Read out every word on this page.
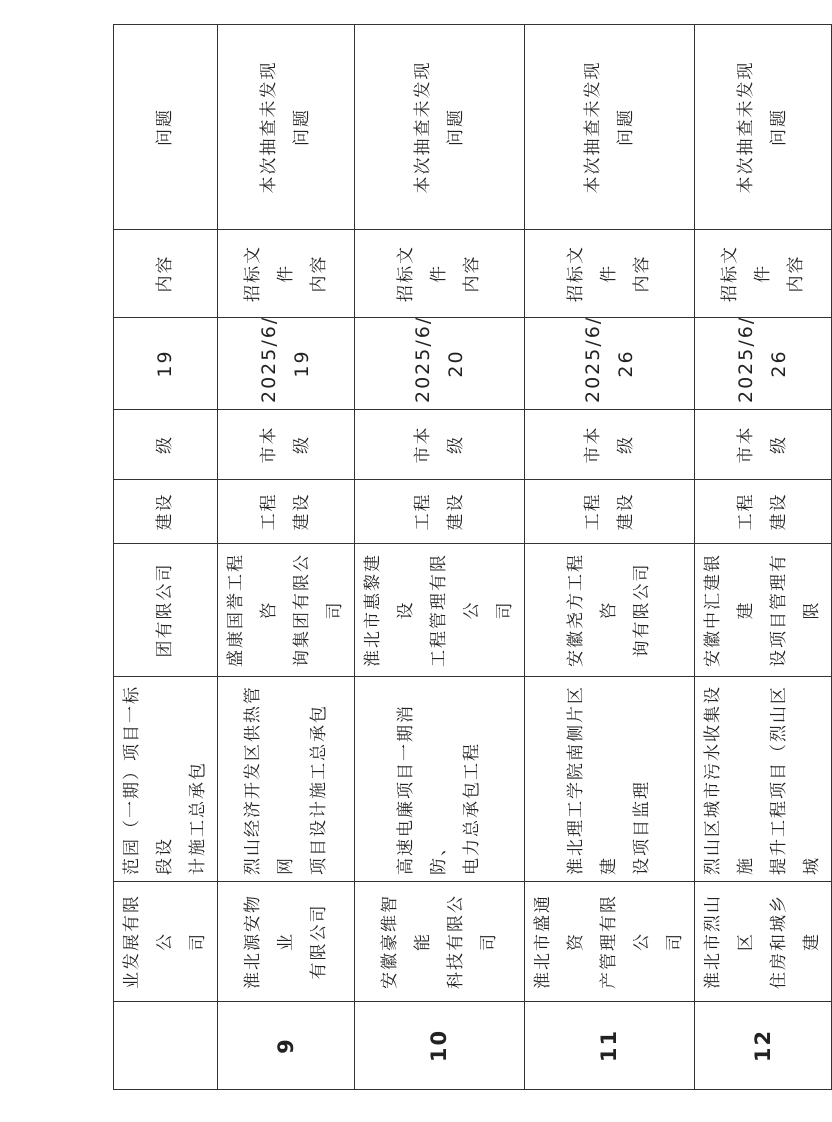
	业发展有限公 司	范园（一期）项目一标段设 计施工总承包	团有限公司	建设	级	19	内容	问题

9	淮北源安物业 有限公司	烈山经济开发区供热管网 项目设计施工总承包	盛康国誉工程咨 询集团有限公司	工程 建设	市本 级	2025/6/ 19	招标文件 内容	本次抽查未发现 问题

10	安徽豪维智能 科技有限公司	高速电廉项目一期消防、 电力总承包工程	淮北市惠黎建设 工程管理有限公 司	工程 建设	市本 级	2025/6/ 20	招标文件 内容	本次抽查未发现 问题

11	淮北市盛通资 产管理有限公 司	淮北理工学院南侧片区建 设项目监理	安徽尧方工程咨 询有限公司	工程 建设	市本 级	2025/6/ 26	招标文件 内容	本次抽查未发现 问题

12	淮北市烈山区 住房和城乡建	烈山区城市污水收集设施 提升工程项目（烈山区城	安徽中汇建银建 设项目管理有限	工程 建设	市本 级	2025/6/ 26	招标文件 内容	本次抽查未发现 问题
